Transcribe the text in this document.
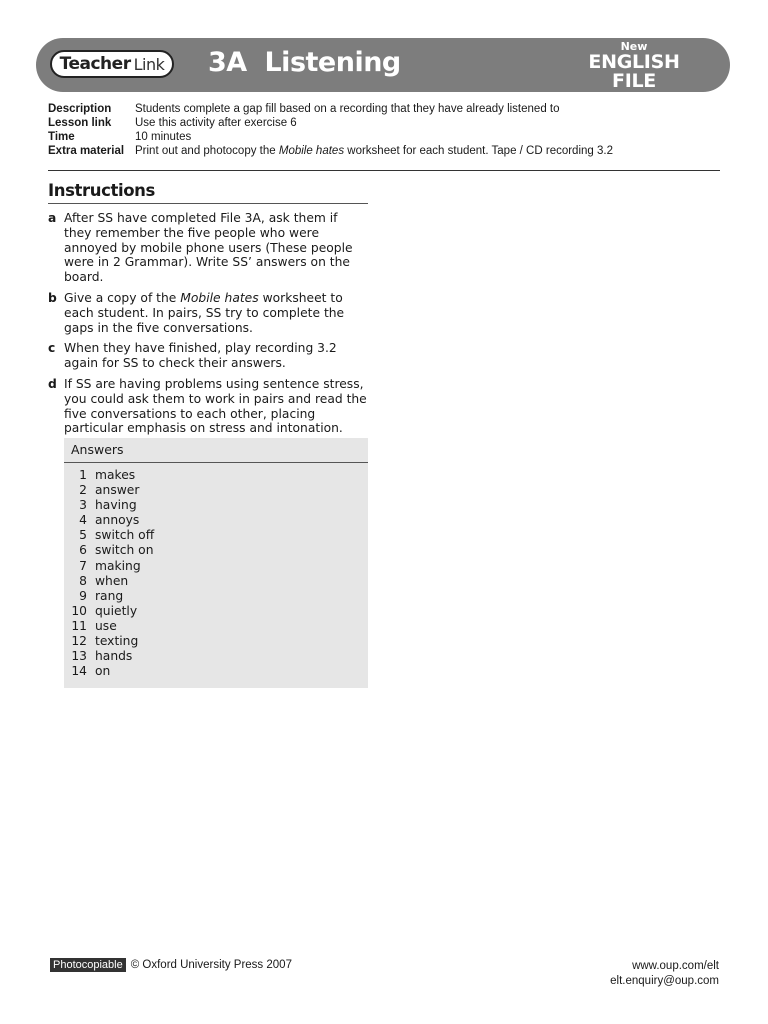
Teacher Link 3A  Listening
New
ENGLISH FILE
Intermediate
Description	Students complete a gap fill based on a recording that they have already listened to
Lesson link	Use this activity after exercise 6
Time	10 minutes
Extra material Print out and photocopy the Mobile hates worksheet for each student. Tape / CD recording 3.2
Instructions
a After SS have completed File 3A, ask them if they remember the five people who were annoyed by mobile phone users (These people were in 2 Grammar). Write SS’ answers on the board.
b Give a copy of the Mobile hates worksheet to each student. In pairs, SS try to complete the gaps in the five conversations.
c When they have finished, play recording 3.2 again for SS to check their answers.
d If SS are having problems using sentence stress, you could ask them to work in pairs and read the five conversations to each other, placing particular emphasis on stress and intonation.
Answers
1 makes
2 answer
3 having
4 annoys
5 switch off
6 switch on
7 making
8 when
9 rang
10 quietly
11 use
12 texting
13 hands
14 on
Photocopiable © Oxford University Press 2007	www.oup.com/elt
elt.enquiry@oup.com
